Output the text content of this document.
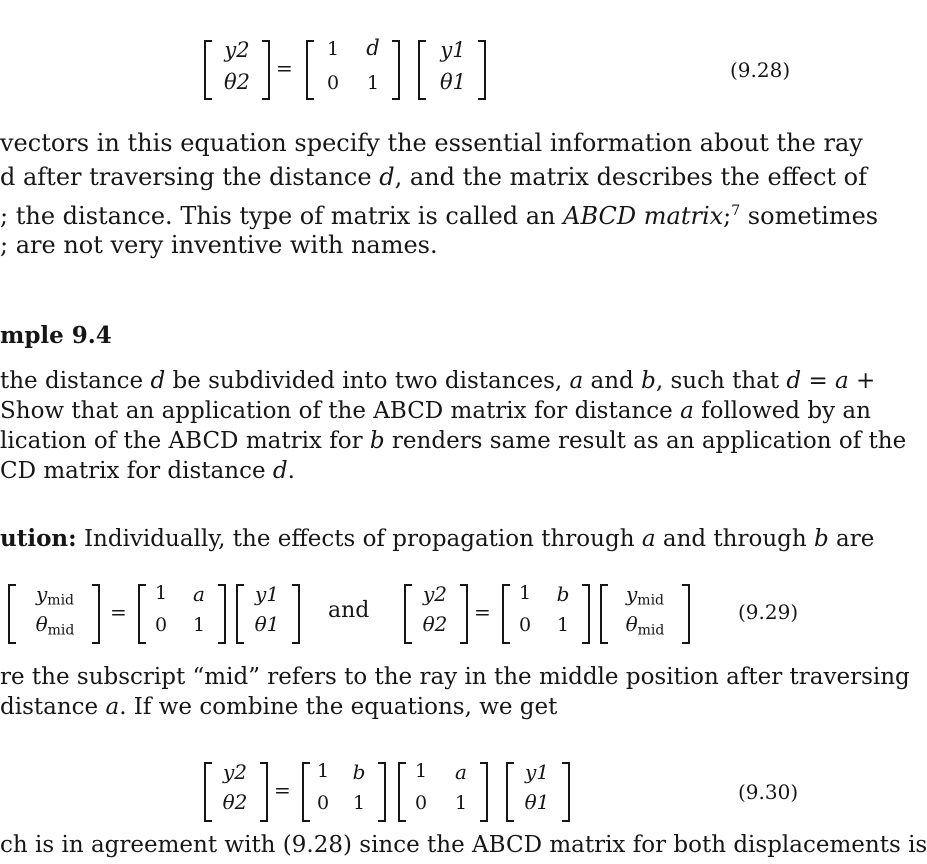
y2
θ2
=
1	d
0	1
y1
θ1	(9.28)
vectors in this equation specify the essential information about the ray
d after traversing the distance d, and the matrix describes the effect of
; the distance. This type of matrix is called an ABCD matrix;$^7$ sometimes
; are not very inventive with names.
mple 9.4
the distance d be subdivided into two distances, a and b, such that d = a +
Show that an application of the ABCD matrix for distance a followed by an
lication of the ABCD matrix for b renders same result as an application of the
CD matrix for distance d.
ution: Individually, the effects of propagation through a and through b are
$y_{mid}$
$\theta_{mid}$
=
1	a
0	1
y1
θ1
and
y2
θ2	=
1	b
0	1
$y_{mid}$
$\theta_{mid}$
(9.29)
re the subscript “mid” refers to the ray in the middle position after traversing
distance a. If we combine the equations, we get
y2
θ2	=
1	b
0	1
1	a
0	1
y1
θ1	(9.30)
ch is in agreement with (9.28) since the ABCD matrix for both displacements is
